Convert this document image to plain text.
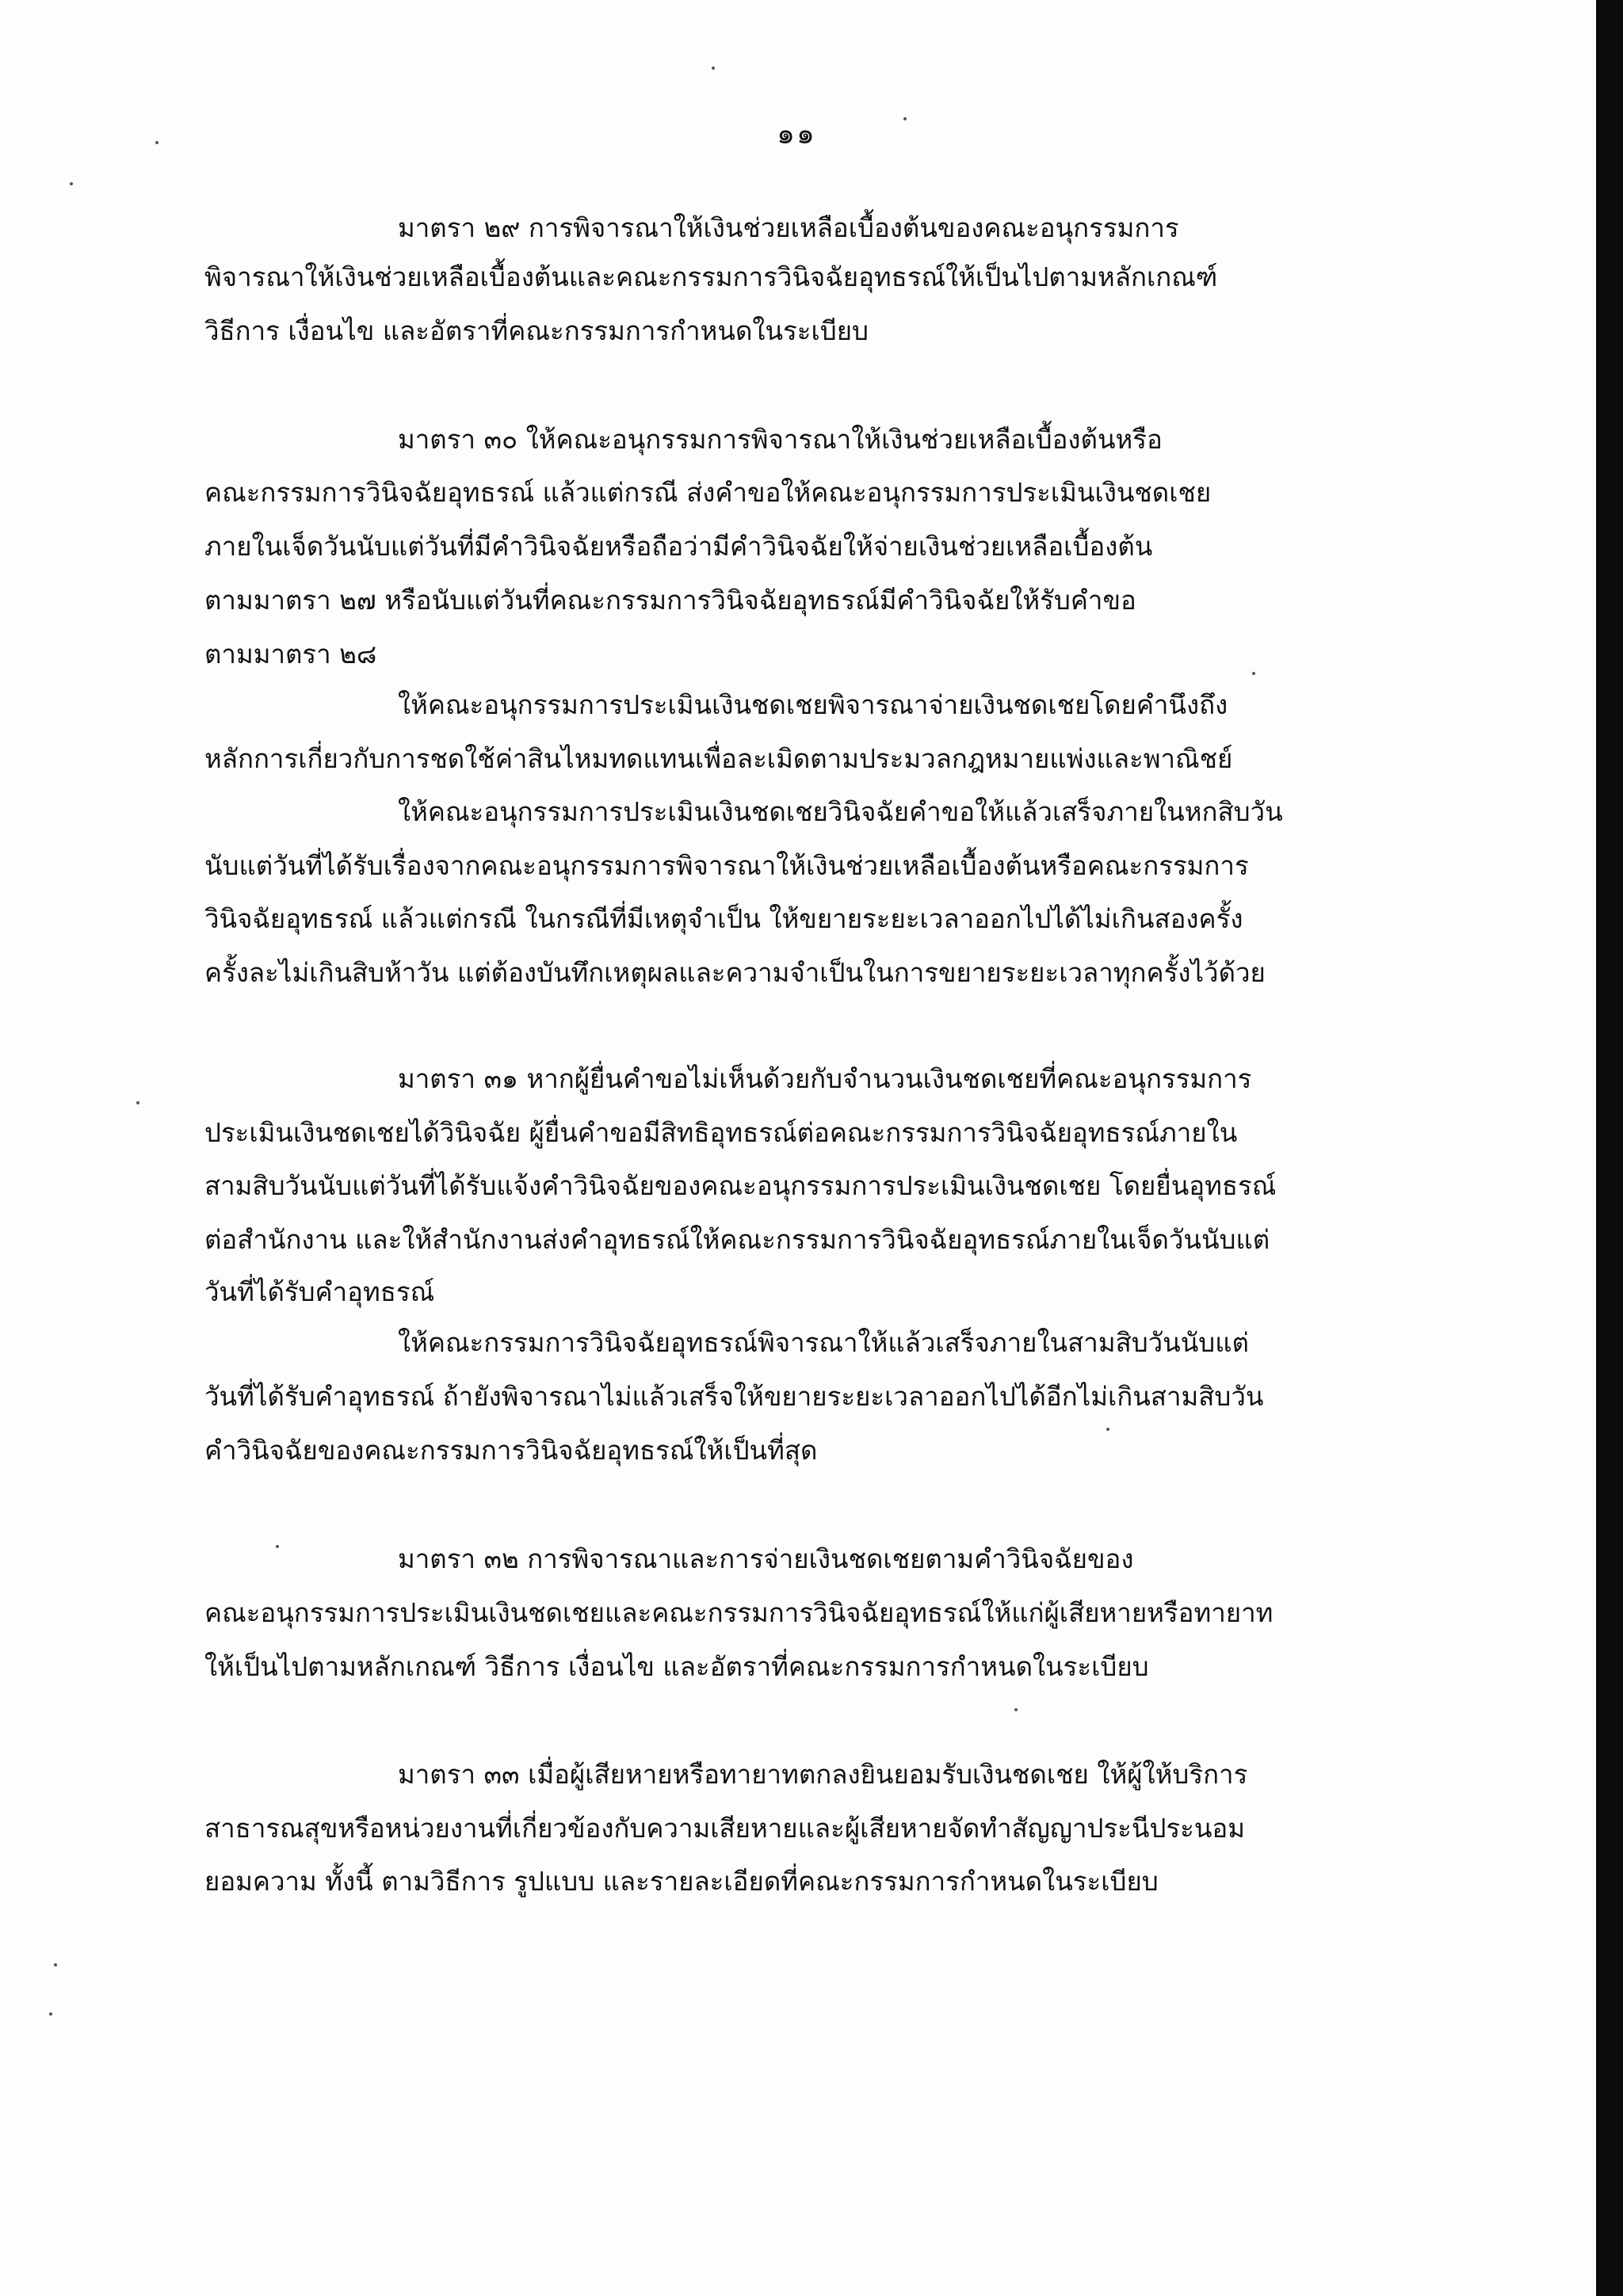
๑๑
มาตรา ๒๙ การพิจารณาให้เงินช่วยเหลือเบื้องต้นของคณะอนุกรรมการ
พิจารณาให้เงินช่วยเหลือเบื้องต้นและคณะกรรมการวินิจฉัยอุทธรณ์ให้เป็นไปตามหลักเกณฑ์
วิธีการ เงื่อนไข และอัตราที่คณะกรรมการกำหนดในระเบียบ
มาตรา ๓๐ ให้คณะอนุกรรมการพิจารณาให้เงินช่วยเหลือเบื้องต้นหรือ
คณะกรรมการวินิจฉัยอุทธรณ์ แล้วแต่กรณี ส่งคำขอให้คณะอนุกรรมการประเมินเงินชดเชย
ภายในเจ็ดวันนับแต่วันที่มีคำวินิจฉัยหรือถือว่ามีคำวินิจฉัยให้จ่ายเงินช่วยเหลือเบื้องต้น
ตามมาตรา ๒๗ หรือนับแต่วันที่คณะกรรมการวินิจฉัยอุทธรณ์มีคำวินิจฉัยให้รับคำขอ
ตามมาตรา ๒๘
ให้คณะอนุกรรมการประเมินเงินชดเชยพิจารณาจ่ายเงินชดเชยโดยคำนึงถึง
หลักการเกี่ยวกับการชดใช้ค่าสินไหมทดแทนเพื่อละเมิดตามประมวลกฎหมายแพ่งและพาณิชย์
ให้คณะอนุกรรมการประเมินเงินชดเชยวินิจฉัยคำขอให้แล้วเสร็จภายในหกสิบวัน
นับแต่วันที่ได้รับเรื่องจากคณะอนุกรรมการพิจารณาให้เงินช่วยเหลือเบื้องต้นหรือคณะกรรมการ
วินิจฉัยอุทธรณ์ แล้วแต่กรณี ในกรณีที่มีเหตุจำเป็น ให้ขยายระยะเวลาออกไปได้ไม่เกินสองครั้ง
ครั้งละไม่เกินสิบห้าวัน แต่ต้องบันทึกเหตุผลและความจำเป็นในการขยายระยะเวลาทุกครั้งไว้ด้วย
มาตรา ๓๑ หากผู้ยื่นคำขอไม่เห็นด้วยกับจำนวนเงินชดเชยที่คณะอนุกรรมการ
ประเมินเงินชดเชยได้วินิจฉัย ผู้ยื่นคำขอมีสิทธิอุทธรณ์ต่อคณะกรรมการวินิจฉัยอุทธรณ์ภายใน
สามสิบวันนับแต่วันที่ได้รับแจ้งคำวินิจฉัยของคณะอนุกรรมการประเมินเงินชดเชย โดยยื่นอุทธรณ์
ต่อสำนักงาน และให้สำนักงานส่งคำอุทธรณ์ให้คณะกรรมการวินิจฉัยอุทธรณ์ภายในเจ็ดวันนับแต่
วันที่ได้รับคำอุทธรณ์
ให้คณะกรรมการวินิจฉัยอุทธรณ์พิจารณาให้แล้วเสร็จภายในสามสิบวันนับแต่
วันที่ได้รับคำอุทธรณ์ ถ้ายังพิจารณาไม่แล้วเสร็จให้ขยายระยะเวลาออกไปได้อีกไม่เกินสามสิบวัน
คำวินิจฉัยของคณะกรรมการวินิจฉัยอุทธรณ์ให้เป็นที่สุด
มาตรา ๓๒ การพิจารณาและการจ่ายเงินชดเชยตามคำวินิจฉัยของ
คณะอนุกรรมการประเมินเงินชดเชยและคณะกรรมการวินิจฉัยอุทธรณ์ให้แก่ผู้เสียหายหรือทายาท
ให้เป็นไปตามหลักเกณฑ์ วิธีการ เงื่อนไข และอัตราที่คณะกรรมการกำหนดในระเบียบ
มาตรา ๓๓ เมื่อผู้เสียหายหรือทายาทตกลงยินยอมรับเงินชดเชย ให้ผู้ให้บริการ
สาธารณสุขหรือหน่วยงานที่เกี่ยวข้องกับความเสียหายและผู้เสียหายจัดทำสัญญาประนีประนอม
ยอมความ ทั้งนี้ ตามวิธีการ รูปแบบ และรายละเอียดที่คณะกรรมการกำหนดในระเบียบ
